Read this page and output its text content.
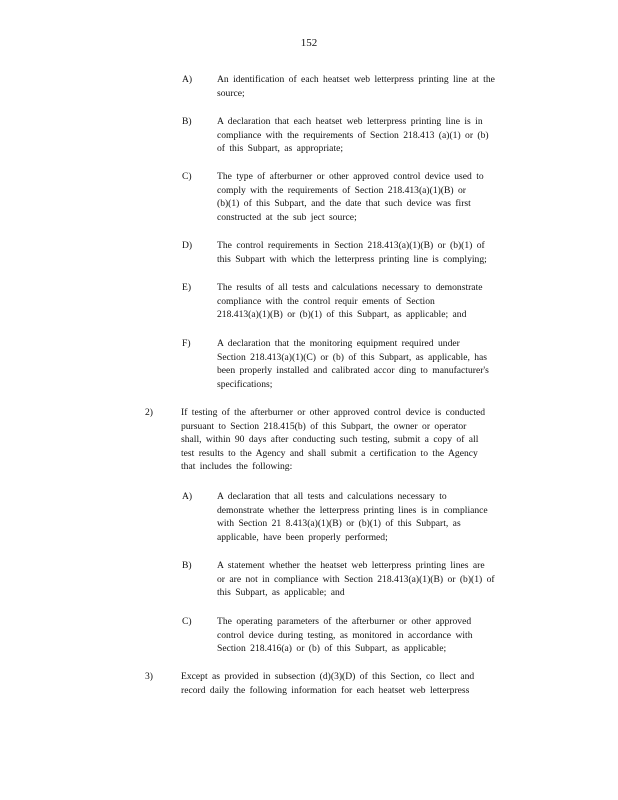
152
A)	An identification of each heatset web letterpress printing line at the
source;
B)	A declaration that each heatset web letterpress printing line is in
compliance with the requirements of Section 218.413 (a)(1) or (b)
of this Subpart, as appropriate;
C)	The type of afterburner or other approved control device used to
comply with the requirements of Section 218.413(a)(1)(B) or
(b)(1) of this Subpart, and the date that such device was first
constructed at the sub ject source;
D)	The control requirements in Section 218.413(a)(1)(B) or (b)(1) of
this Subpart with which the letterpress printing line is complying;
E)	The results of all tests and calculations necessary to demonstrate
compliance with the control requir ements of Section
218.413(a)(1)(B) or (b)(1) of this Subpart, as applicable; and
F)	A declaration that the monitoring equipment required under
Section 218.413(a)(1)(C) or (b) of this Subpart, as applicable, has
been properly installed and calibrated accor ding to manufacturer's
specifications;
2)	If testing of the afterburner or other approved control device is conducted
pursuant to Section 218.415(b) of this Subpart, the owner or operator
shall, within 90 days after conducting such testing, submit a copy of all
test results to the Agency and shall submit a certification to the Agency
that includes the following:
A)	A declaration that all tests and calculations necessary to
demonstrate whether the letterpress printing lines is in compliance
with Section 21 8.413(a)(1)(B) or (b)(1) of this Subpart, as
applicable, have been properly performed;
B)	A statement whether the heatset web letterpress printing lines are
or are not in compliance with Section 218.413(a)(1)(B) or (b)(1) of
this Subpart, as applicable; and
C)	The operating parameters of the afterburner or other approved
control device during testing, as monitored in accordance with
Section 218.416(a) or (b) of this Subpart, as applicable;
3)	Except as provided in subsection (d)(3)(D) of this Section, co llect and
record daily the following information for each heatset web letterpress
